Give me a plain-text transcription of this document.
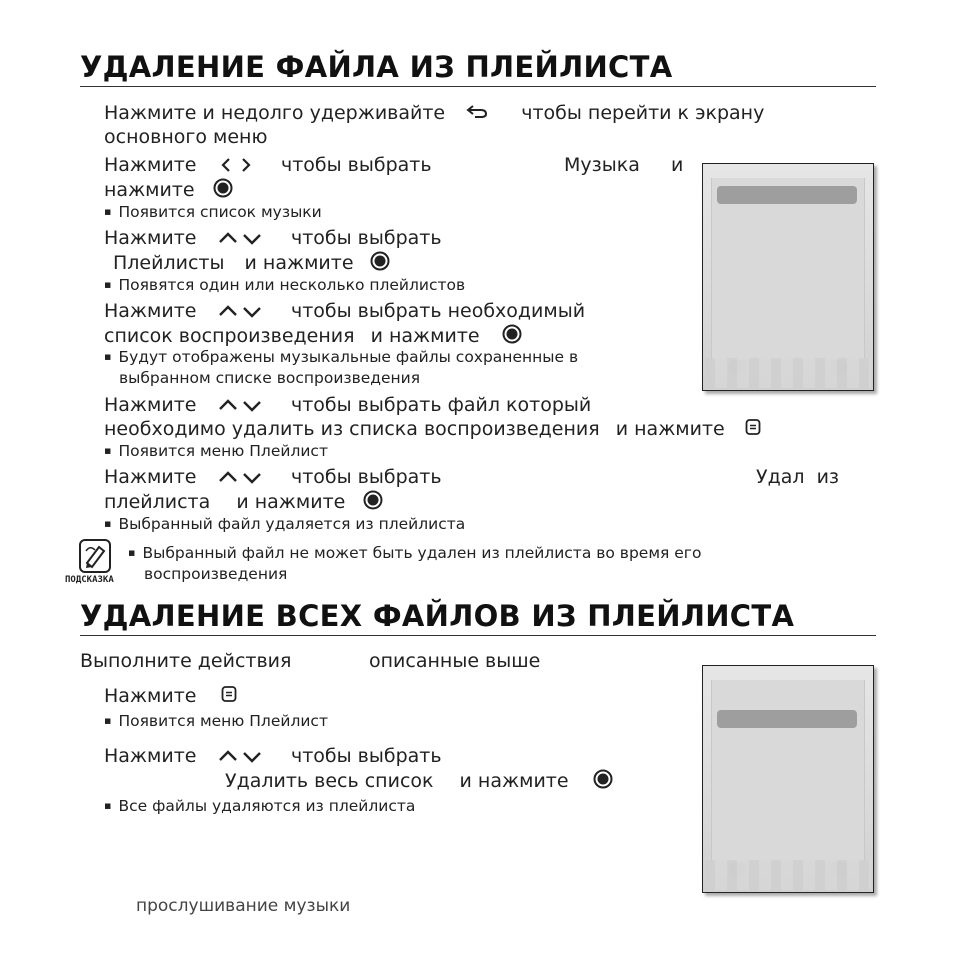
УДАЛЕНИЕ ФАЙЛА ИЗ ПЛЕЙЛИСТА
Нажмите и недолго удерживайте	чтобы перейти к экрану
основного меню
Нажмите	чтобы выбрать	Музыка и
нажмите
▪ Появится список музыки
Нажмите	чтобы выбрать
Плейлисты и нажмите
▪ Появятся один или несколько плейлистов
Нажмите	чтобы выбрать необходимый
список воспроизведения и нажмите
▪ Будут отображены музыкальные файлы сохраненные в
выбранном списке воспроизведения
Нажмите	чтобы выбрать файл который
необходимо удалить из списка воспроизведения и нажмите
▪ Появится меню Плейлист
Нажмите	чтобы выбрать	Удал  из
плейлиста и нажмите
▪ Выбранный файл удаляется из плейлиста
ПОДСКАЗКА
▪ Выбранный файл не может быть удален из плейлиста во время его
воспроизведения
УДАЛЕНИЕ ВСЕХ ФАЙЛОВ ИЗ ПЛЕЙЛИСТА
Выполните действия	описанные выше
Нажмите
▪ Появится меню Плейлист
Нажмите	чтобы выбрать
Удалить весь список и нажмите
▪ Все файлы удаляются из плейлиста
прослушивание музыки
